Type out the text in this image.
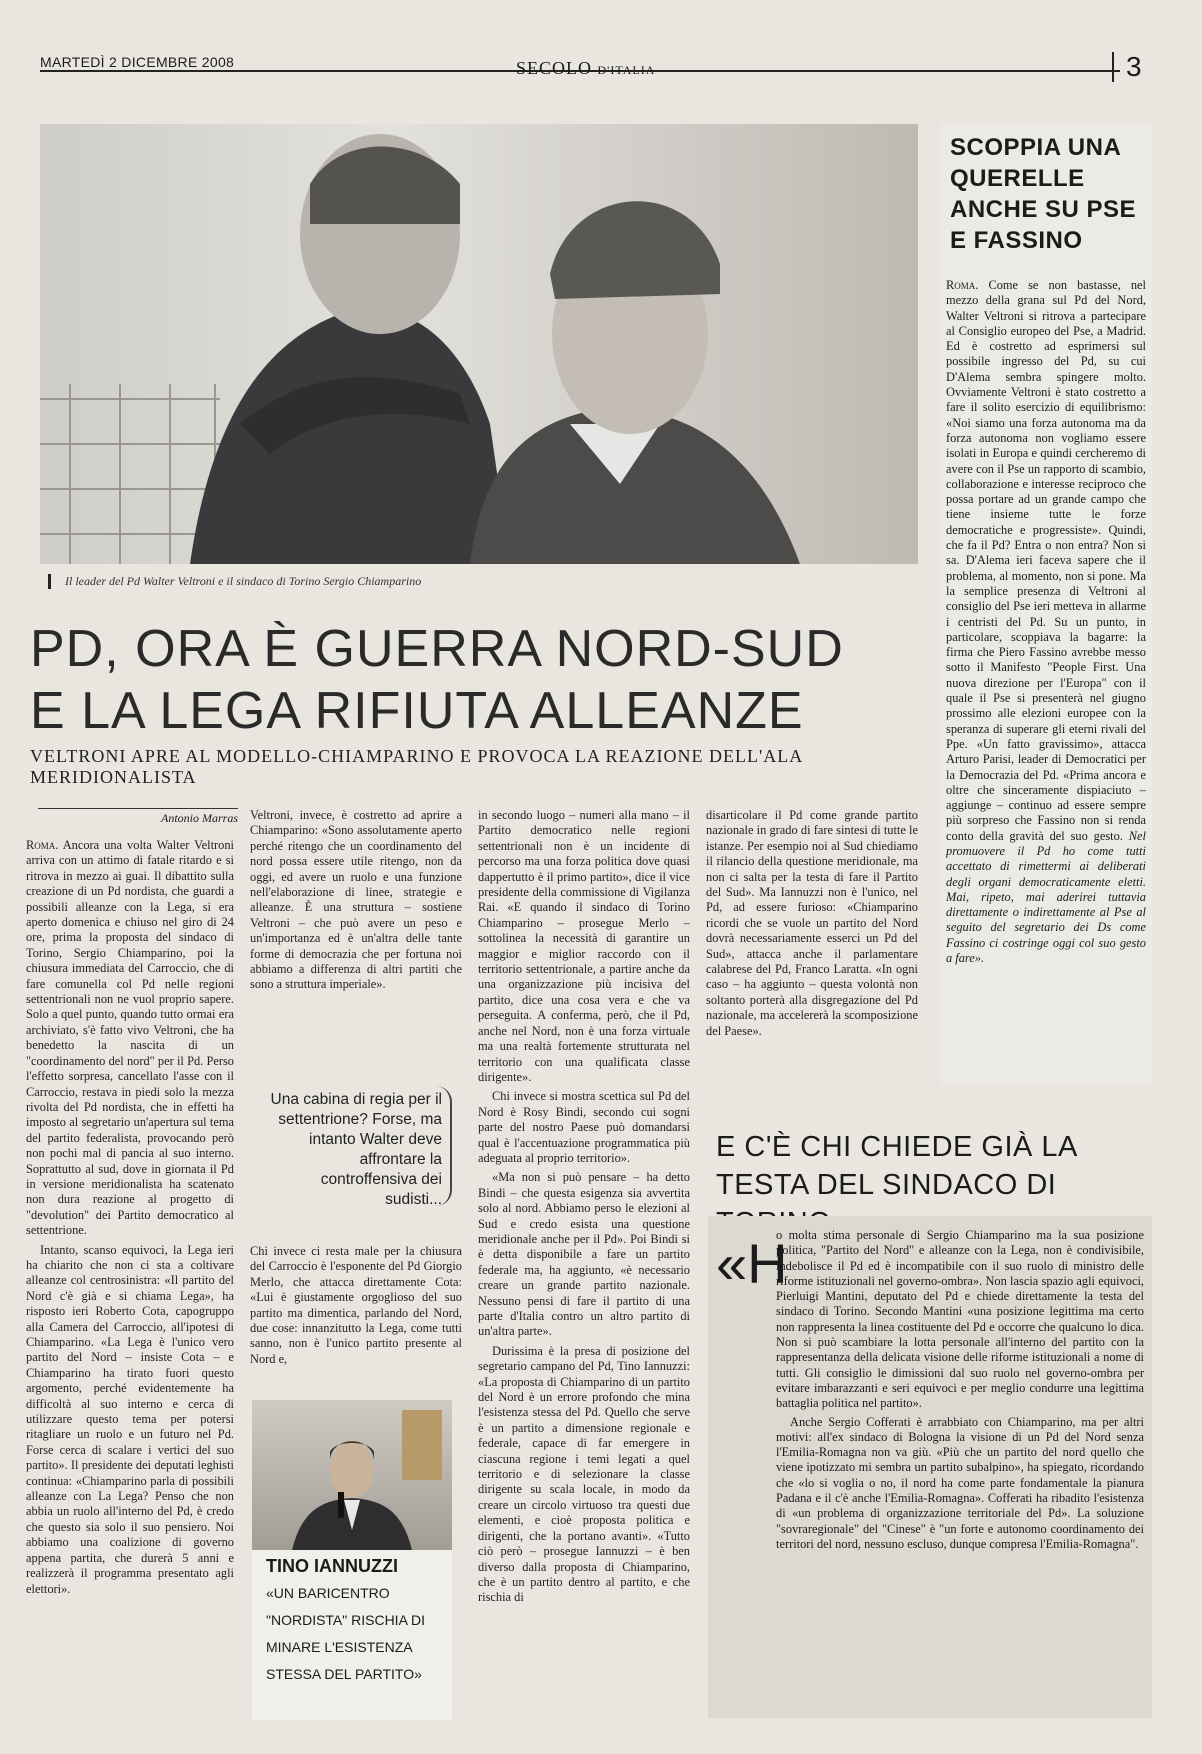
MARTEDÌ 2 DICEMBRE 2008	SECOLO D'ITALIA	3
Il leader del Pd Walter Veltroni e il sindaco di Torino Sergio Chiamparino
PD, ORA È GUERRA NORD-SUD
E LA LEGA RIFIUTA ALLEANZE
VELTRONI APRE AL MODELLO-CHIAMPARINO E PROVOCA LA REAZIONE DELL'ALA MERIDIONALISTA
Antonio Marras

Roma. Ancora una volta Walter Veltroni arriva con un attimo di fatale ritardo e si ritrova in mezzo ai guai. Il dibattito sulla creazione di un Pd nordista, che guardi a possibili alleanze con la Lega, si era aperto domenica e chiuso nel giro di 24 ore, prima la proposta del sindaco di Torino, Sergio Chiamparino, poi la chiusura immediata del Carroccio, che di fare comunella col Pd nelle regioni settentrionali non ne vuol proprio sapere. Solo a quel punto, quando tutto ormai era archiviato, s'è fatto vivo Veltroni, che ha benedetto la nascita di un "coordinamento del nord" per il Pd. Perso l'effetto sorpresa, cancellato l'asse con il Carroccio, restava in piedi solo la mezza rivolta del Pd nordista, che in effetti ha imposto al segretario un'apertura sul tema del partito federalista, provocando però non pochi mal di pancia al suo interno. Soprattutto al sud, dove in giornata il Pd in versione meridionalista ha scatenato non dura reazione al progetto di "devolution" dei Partito democratico al settentrione.

Intanto, scanso equivoci, la Lega ieri ha chiarito che non ci sta a coltivare alleanze col centrosinistra: «Il partito del Nord c'è già e si chiama Lega», ha risposto ieri Roberto Cota, capogruppo alla Camera del Carroccio, all'ipotesi di Chiamparino. «La Lega è l'unico vero partito del Nord – insiste Cota – e Chiamparino ha tirato fuori questo argomento, perché evidentemente ha difficoltà al suo interno e cerca di utilizzare questo tema per potersi ritagliare un ruolo e un futuro nel Pd. Forse cerca di scalare i vertici del suo partito». Il presidente dei deputati leghisti continua: «Chiamparino parla di possibili alleanze con La Lega? Penso che non abbia un ruolo all'interno del Pd, è credo che questo sia solo il suo pensiero. Noi abbiamo una coalizione di governo appena partita, che durerà 5 anni e realizzerà il programma presentato agli elettori».

Veltroni, invece, è costretto ad aprire a Chiamparino: «Sono assolutamente aperto perché ritengo che un coordinamento del nord possa essere utile ritengo, non da oggi, ed avere un ruolo e una funzione nell'elaborazione di linee, strategie e alleanze. È una struttura – sostiene Veltroni – che può avere un peso e un'importanza ed è un'altra delle tante forme di democrazia che per fortuna noi abbiamo a differenza di altri partiti che sono a struttura imperiale».

Una cabina di regia per il settentrione? Forse, ma intanto Walter deve affrontare la controffensiva dei sudisti...

Chi invece ci resta male per la chiusura del Carroccio è l'esponente del Pd Giorgio Merlo, che attacca direttamente Cota: «Lui è giustamente orgoglioso del suo partito ma dimentica, parlando del Nord, due cose: innanzitutto la Lega, come tutti sanno, non è l'unico partito presente al Nord e,

TINO IANNUZZI
«UN BARICENTRO "NORDISTA" RISCHIA DI MINARE L'ESISTENZA STESSA DEL PARTITO»

in secondo luogo – numeri alla mano – il Partito democratico nelle regioni settentrionali non è un incidente di percorso ma una forza politica dove quasi dappertutto è il primo partito», dice il vice presidente della commissione di Vigilanza Rai. «E quando il sindaco di Torino Chiamparino – prosegue Merlo – sottolinea la necessità di garantire un maggior e miglior raccordo con il territorio settentrionale, a partire anche da una organizzazione più incisiva del partito, dice una cosa vera e che va perseguita. A conferma, però, che il Pd, anche nel Nord, non è una forza virtuale ma una realtà fortemente strutturata nel territorio con una qualificata classe dirigente».

Chi invece si mostra scettica sul Pd del Nord è Rosy Bindi, secondo cui sogni parte del nostro Paese può domandarsi qual è l'accentuazione programmatica più adeguata al proprio territorio».

«Ma non si può pensare – ha detto Bindi – che questa esigenza sia avvertita solo al nord. Abbiamo perso le elezioni al Sud e credo esista una questione meridionale anche per il Pd». Poi Bindi si è detta disponibile a fare un partito federale ma, ha aggiunto, «è necessario creare un grande partito nazionale. Nessuno pensi di fare il partito di una parte d'Italia contro un altro partito di un'altra parte».

Durissima è la presa di posizione del segretario campano del Pd, Tino Iannuzzi: «La proposta di Chiamparino di un partito del Nord è un errore profondo che mina l'esistenza stessa del Pd. Quello che serve è un partito a dimensione regionale e federale, capace di far emergere in ciascuna regione i temi legati a quel territorio e di selezionare la classe dirigente su scala locale, in modo da creare un circolo virtuoso tra questi due elementi, e cioè proposta politica e dirigenti, che la portano avanti». «Tutto ciò però – prosegue Iannuzzi – è ben diverso dalla proposta di Chiamparino, che è un partito dentro al partito, e che rischia di

disarticolare il Pd come grande partito nazionale in grado di fare sintesi di tutte le istanze. Per esempio noi al Sud chiediamo il rilancio della questione meridionale, ma non ci salta per la testa di fare il Partito del Sud». Ma Iannuzzi non è l'unico, nel Pd, ad essere furioso: «Chiamparino ricordi che se vuole un partito del Nord dovrà necessariamente esserci un Pd del Sud», attacca anche il parlamentare calabrese del Pd, Franco Laratta. «In ogni caso – ha aggiunto – questa volontà non soltanto porterà alla disgregazione del Pd nazionale, ma accelererà la scomposizione del Paese».

SCOPPIA UNA QUERELLE ANCHE SU PSE E FASSINO
Roma. Come se non bastasse, nel mezzo della grana sul Pd del Nord, Walter Veltroni si ritrova a partecipare al Consiglio europeo del Pse, a Madrid. Ed è costretto ad esprimersi sul possibile ingresso del Pd, su cui D'Alema sembra spingere molto. Ovviamente Veltroni è stato costretto a fare il solito esercizio di equilibrismo: «Noi siamo una forza autonoma ma da forza autonoma non vogliamo essere isolati in Europa e quindi cercheremo di avere con il Pse un rapporto di scambio, collaborazione e interesse reciproco che possa portare ad un grande campo che tiene insieme tutte le forze democratiche e progressiste». Quindi, che fa il Pd? Entra o non entra? Non si sa. D'Alema ieri faceva sapere che il problema, al momento, non si pone. Ma la semplice presenza di Veltroni al consiglio del Pse ieri metteva in allarme i centristi del Pd. Su un punto, in particolare, scoppiava la bagarre: la firma che Piero Fassino avrebbe messo sotto il Manifesto "People First. Una nuova direzione per l'Europa" con il quale il Pse si presenterà nel giugno prossimo alle elezioni europee con la speranza di superare gli eterni rivali del Ppe. «Un fatto gravissimo», attacca Arturo Parisi, leader di Democratici per la Democrazia del Pd. «Prima ancora e oltre che sinceramente dispiaciuto – aggiunge – continuo ad essere sempre più sorpreso che Fassino non si renda conto della gravità del suo gesto. Nel promuovere il Pd ho come tutti accettato di rimettermi ai deliberati degli organi democraticamente eletti. Mai, ripeto, mai aderirei tuttavia direttamente o indirettamente al Pse al seguito del segretario dei Ds come Fassino ci costringe oggi col suo gesto a fare».
E C'È CHI CHIEDE GIÀ LA TESTA DEL SINDACO DI
«H

o molta stima personale di Sergio Chiamparino ma la sua posizione politica, "Partito del Nord" e alleanze con la Lega, non è condivisibile, indebolisce il Pd ed è incompatibile con il suo ruolo di ministro delle riforme istituzionali nel governo-ombra». Non lascia spazio agli equivoci, Pierluigi Mantini, deputato del Pd e chiede direttamente la testa del sindaco di Torino. Secondo Mantini «una posizione legittima ma certo non rappresenta la linea costituente del Pd e occorre che qualcuno lo dica. Non si può scambiare la lotta personale all'interno del partito con la rappresentanza della delicata visione delle riforme istituzionali a nome di tutti. Gli consiglio le dimissioni dal suo ruolo nel governo-ombra per evitare imbarazzanti e seri equivoci e per meglio condurre una legittima battaglia politica nel partito».

Anche Sergio Cofferati è arrabbiato con Chiamparino, ma per altri motivi: all'ex sindaco di Bologna la visione di un Pd del Nord senza l'Emilia-Romagna non va giù. «Più che un partito del nord quello che viene ipotizzato mi sembra un partito subalpino», ha spiegato, ricordando che «lo si voglia o no, il nord ha come parte fondamentale la pianura Padana e il c'è anche l'Emilia-Romagna». Cofferati ha ribadito l'esistenza di «un problema di organizzazione territoriale del Pd». La soluzione "sovraregionale" del "Cinese" è "un forte e autonomo coordinamento dei territori del nord, nessuno escluso, dunque compresa l'Emilia-Romagna".
